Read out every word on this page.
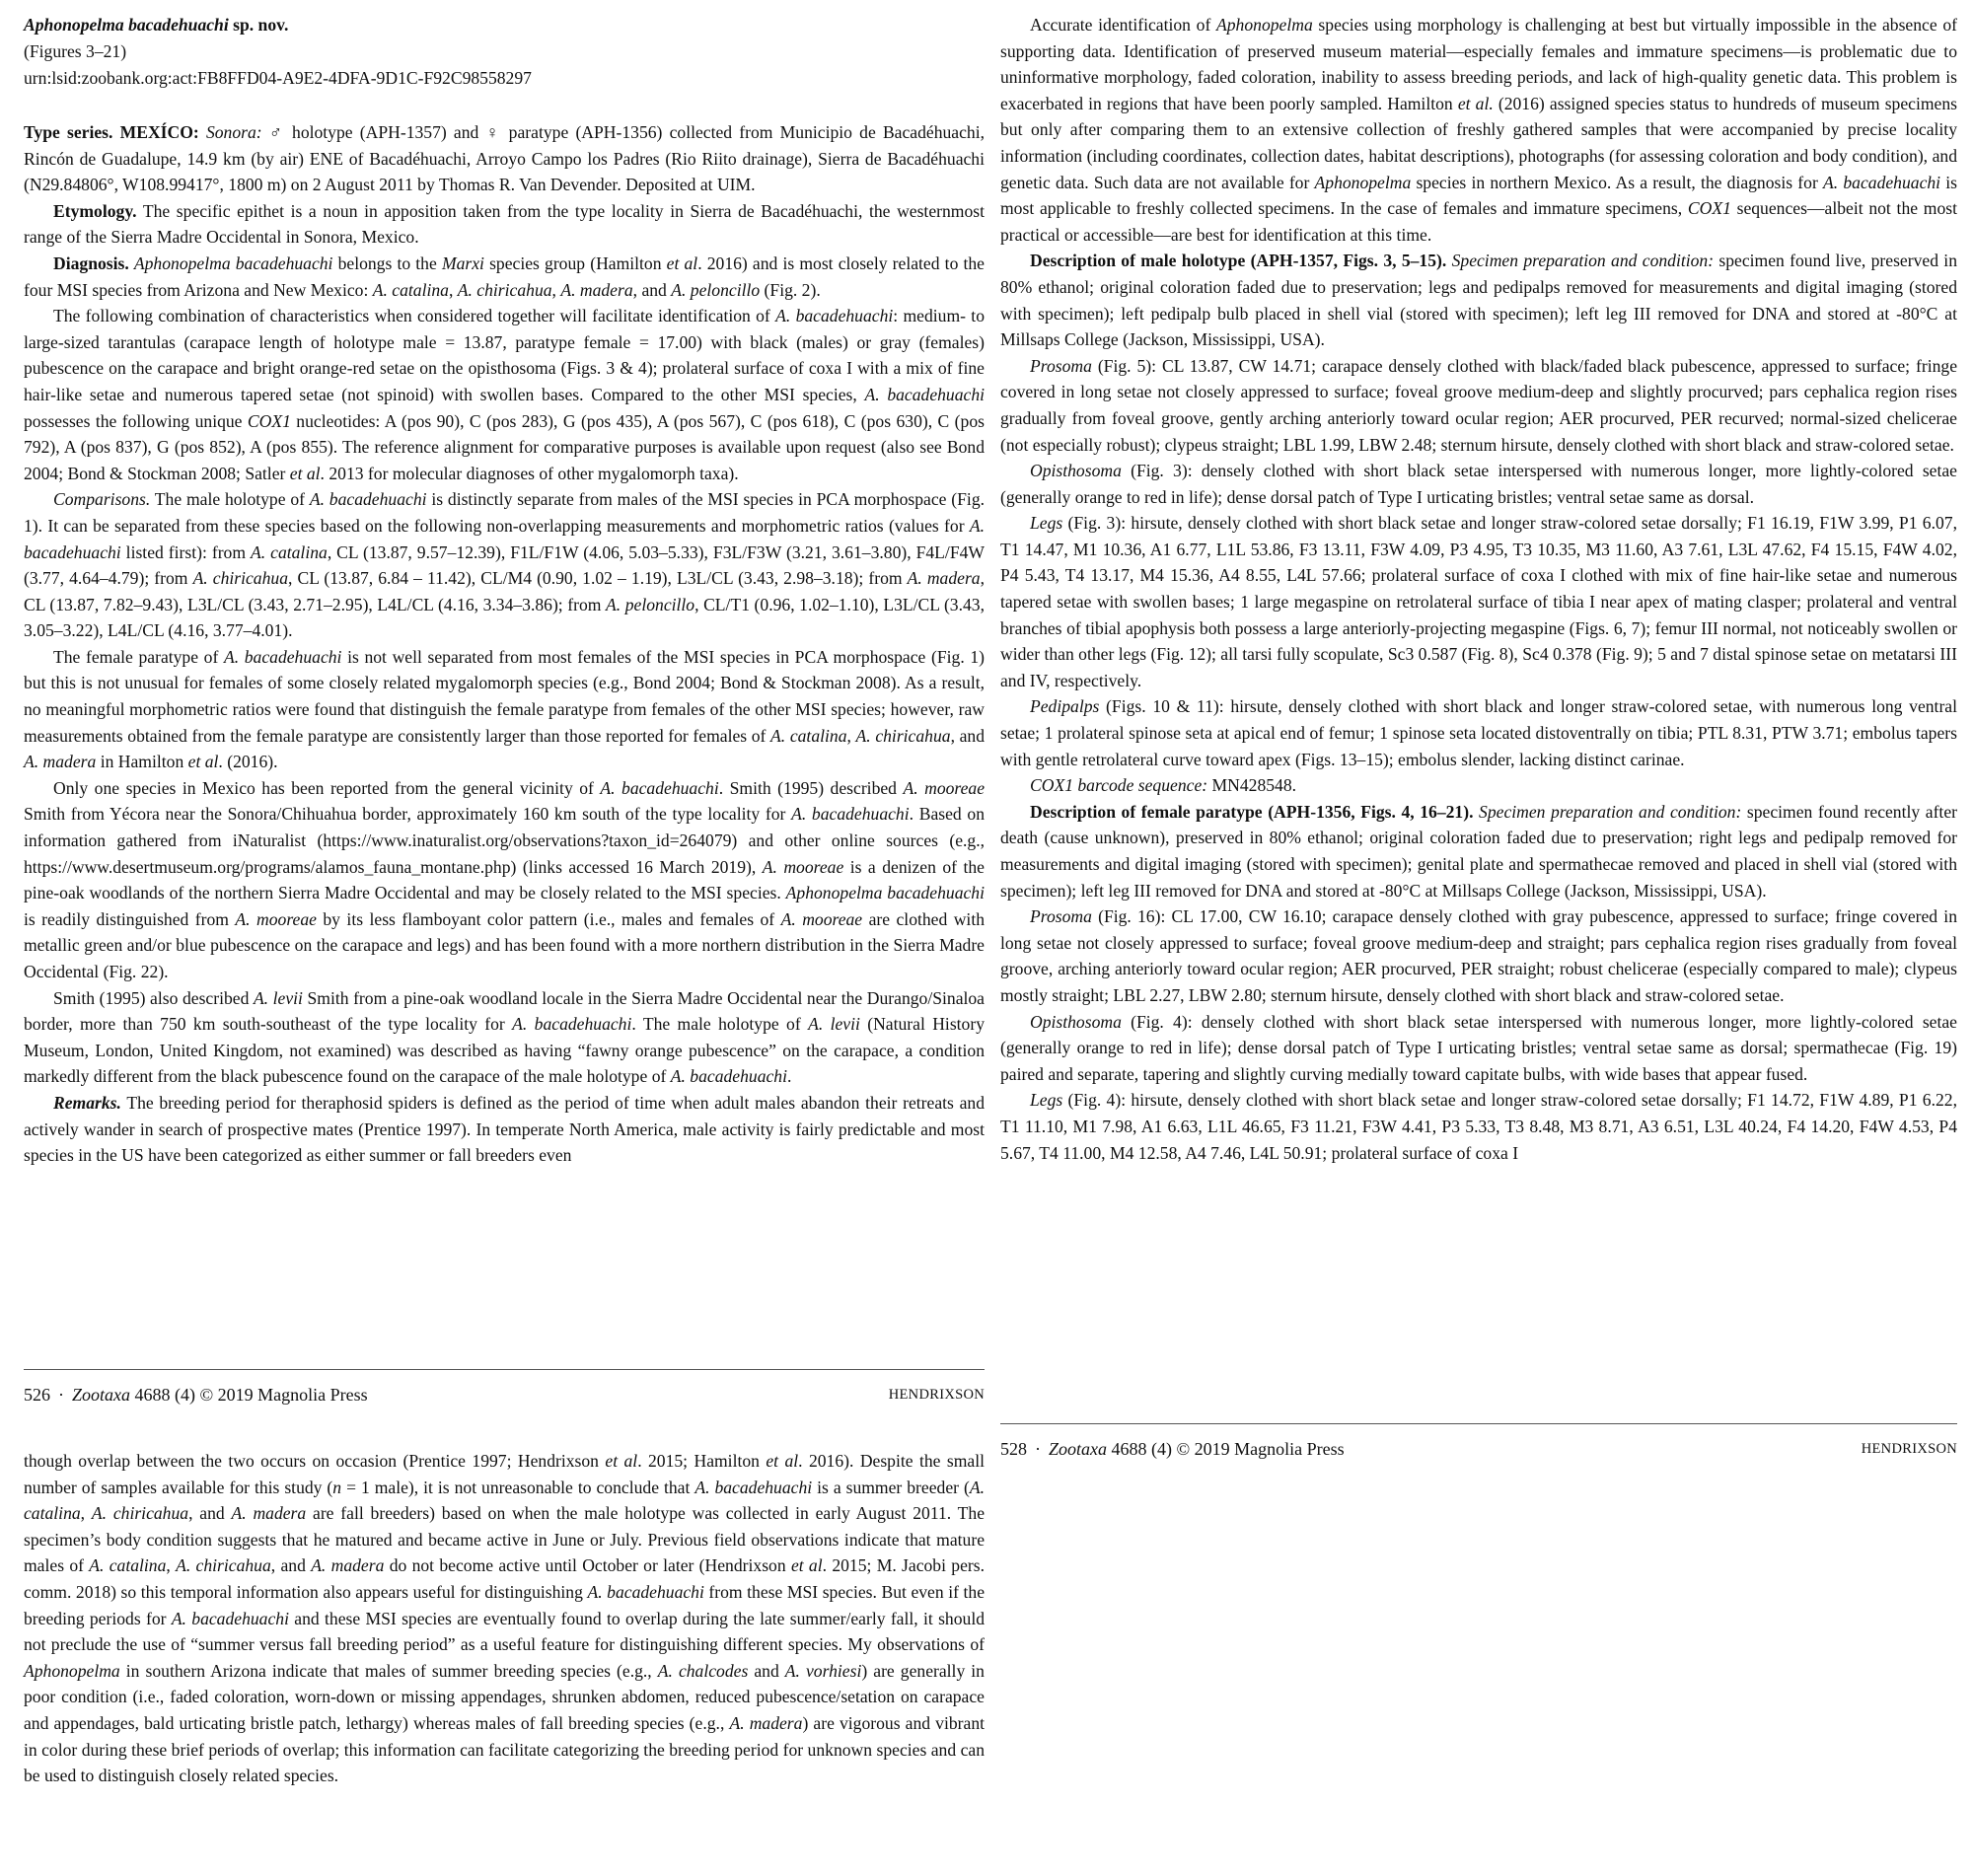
Aphonopelma bacadehuachi sp. nov.

(Figures 3–21)

urn:lsid:zoobank.org:act:FB8FFD04-A9E2-4DFA-9D1C-F92C98558297

Type series. MEXÍCO: Sonora: ♂ holotype (APH-1357) and ♀ paratype (APH-1356) collected from Municipio de Bacadéhuachi, Rincón de Guadalupe, 14.9 km (by air) ENE of Bacadéhuachi, Arroyo Campo los Padres (Rio Riito drainage), Sierra de Bacadéhuachi (N29.84806°, W108.99417°, 1800 m) on 2 August 2011 by Thomas R. Van Devender. Deposited at UIM.

Etymology. The specific epithet is a noun in apposition taken from the type locality in Sierra de Bacadéhuachi, the westernmost range of the Sierra Madre Occidental in Sonora, Mexico.

Diagnosis. Aphonopelma bacadehuachi belongs to the Marxi species group (Hamilton et al. 2016) and is most closely related to the four MSI species from Arizona and New Mexico: A. catalina, A. chiricahua, A. madera, and A. peloncillo (Fig. 2).

The following combination of characteristics when considered together will facilitate identification of A. bacadehuachi: medium- to large-sized tarantulas (carapace length of holotype male = 13.87, paratype female = 17.00) with black (males) or gray (females) pubescence on the carapace and bright orange-red setae on the opisthosoma (Figs. 3 & 4); prolateral surface of coxa I with a mix of fine hair-like setae and numerous tapered setae (not spinoid) with swollen bases. Compared to the other MSI species, A. bacadehuachi possesses the following unique COX1 nucleotides: A (pos 90), C (pos 283), G (pos 435), A (pos 567), C (pos 618), C (pos 630), C (pos 792), A (pos 837), G (pos 852), A (pos 855). The reference alignment for comparative purposes is available upon request (also see Bond 2004; Bond & Stockman 2008; Satler et al. 2013 for molecular diagnoses of other mygalomorph taxa).

Comparisons. The male holotype of A. bacadehuachi is distinctly separate from males of the MSI species in PCA morphospace (Fig. 1). It can be separated from these species based on the following non-overlapping measurements and morphometric ratios (values for A. bacadehuachi listed first): from A. catalina, CL (13.87, 9.57–12.39), F1L/F1W (4.06, 5.03–5.33), F3L/F3W (3.21, 3.61–3.80), F4L/F4W (3.77, 4.64–4.79); from A. chiricahua, CL (13.87, 6.84 – 11.42), CL/M4 (0.90, 1.02 – 1.19), L3L/CL (3.43, 2.98–3.18); from A. madera, CL (13.87, 7.82–9.43), L3L/CL (3.43, 2.71–2.95), L4L/CL (4.16, 3.34–3.86); from A. peloncillo, CL/T1 (0.96, 1.02–1.10), L3L/CL (3.43, 3.05–3.22), L4L/CL (4.16, 3.77–4.01).

The female paratype of A. bacadehuachi is not well separated from most females of the MSI species in PCA morphospace (Fig. 1) but this is not unusual for females of some closely related mygalomorph species (e.g., Bond 2004; Bond & Stockman 2008). As a result, no meaningful morphometric ratios were found that distinguish the female paratype from females of the other MSI species; however, raw measurements obtained from the female paratype are consistently larger than those reported for females of A. catalina, A. chiricahua, and A. madera in Hamilton et al. (2016).

Only one species in Mexico has been reported from the general vicinity of A. bacadehuachi. Smith (1995) described A. mooreae Smith from Yécora near the Sonora/Chihuahua border, approximately 160 km south of the type locality for A. bacadehuachi. Based on information gathered from iNaturalist (https://www.inaturalist.org/observations?taxon_id=264079) and other online sources (e.g., https://www.desertmuseum.org/programs/alamos_fauna_montane.php) (links accessed 16 March 2019), A. mooreae is a denizen of the pine-oak woodlands of the northern Sierra Madre Occidental and may be closely related to the MSI species. Aphonopelma bacadehuachi is readily distinguished from A. mooreae by its less flamboyant color pattern (i.e., males and females of A. mooreae are clothed with metallic green and/or blue pubescence on the carapace and legs) and has been found with a more northern distribution in the Sierra Madre Occidental (Fig. 22).

Smith (1995) also described A. levii Smith from a pine-oak woodland locale in the Sierra Madre Occidental near the Durango/Sinaloa border, more than 750 km south-southeast of the type locality for A. bacadehuachi. The male holotype of A. levii (Natural History Museum, London, United Kingdom, not examined) was described as having “fawny orange pubescence” on the carapace, a condition markedly different from the black pubescence found on the carapace of the male holotype of A. bacadehuachi.

Remarks. The breeding period for theraphosid spiders is defined as the period of time when adult males abandon their retreats and actively wander in search of prospective mates (Prentice 1997). In temperate North America, male activity is fairly predictable and most species in the US have been categorized as either summer or fall breeders even

526 · Zootaxa 4688 (4) © 2019 Magnolia Press	HENDRIXSON

though overlap between the two occurs on occasion (Prentice 1997; Hendrixson et al. 2015; Hamilton et al. 2016). Despite the small number of samples available for this study (n = 1 male), it is not unreasonable to conclude that A. bacadehuachi is a summer breeder (A. catalina, A. chiricahua, and A. madera are fall breeders) based on when the male holotype was collected in early August 2011. The specimen’s body condition suggests that he matured and became active in June or July. Previous field observations indicate that mature males of A. catalina, A. chiricahua, and A. madera do not become active until October or later (Hendrixson et al. 2015; M. Jacobi pers. comm. 2018) so this temporal information also appears useful for distinguishing A. bacadehuachi from these MSI species. But even if the breeding periods for A. bacadehuachi and these MSI species are eventually found to overlap during the late summer/early fall, it should not preclude the use of “summer versus fall breeding period” as a useful feature for distinguishing different species. My observations of Aphonopelma in southern Arizona indicate that males of summer breeding species (e.g., A. chalcodes and A. vorhiesi) are generally in poor condition (i.e., faded coloration, worn-down or missing appendages, shrunken abdomen, reduced pubescence/setation on carapace and appendages, bald urticating bristle patch, lethargy) whereas males of fall breeding species (e.g., A. madera) are vigorous and vibrant in color during these brief periods of overlap; this information can facilitate categorizing the breeding period for unknown species and can be used to distinguish closely related species.

Accurate identification of Aphonopelma species using morphology is challenging at best but virtually impossible in the absence of supporting data. Identification of preserved museum material—especially females and immature specimens—is problematic due to uninformative morphology, faded coloration, inability to assess breeding periods, and lack of high-quality genetic data. This problem is exacerbated in regions that have been poorly sampled. Hamilton et al. (2016) assigned species status to hundreds of museum specimens but only after comparing them to an extensive collection of freshly gathered samples that were accompanied by precise locality information (including coordinates, collection dates, habitat descriptions), photographs (for assessing coloration and body condition), and genetic data. Such data are not available for Aphonopelma species in northern Mexico. As a result, the diagnosis for A. bacadehuachi is most applicable to freshly collected specimens. In the case of females and immature specimens, COX1 sequences—albeit not the most practical or accessible—are best for identification at this time.

Description of male holotype (APH-1357, Figs. 3, 5–15). Specimen preparation and condition: specimen found live, preserved in 80% ethanol; original coloration faded due to preservation; legs and pedipalps removed for measurements and digital imaging (stored with specimen); left pedipalp bulb placed in shell vial (stored with specimen); left leg III removed for DNA and stored at -80°C at Millsaps College (Jackson, Mississippi, USA).

Prosoma (Fig. 5): CL 13.87, CW 14.71; carapace densely clothed with black/faded black pubescence, appressed to surface; fringe covered in long setae not closely appressed to surface; foveal groove medium-deep and slightly procurved; pars cephalica region rises gradually from foveal groove, gently arching anteriorly toward ocular region; AER procurved, PER recurved; normal-sized chelicerae (not especially robust); clypeus straight; LBL 1.99, LBW 2.48; sternum hirsute, densely clothed with short black and straw-colored setae.

Opisthosoma (Fig. 3): densely clothed with short black setae interspersed with numerous longer, more lightly-colored setae (generally orange to red in life); dense dorsal patch of Type I urticating bristles; ventral setae same as dorsal.

Legs (Fig. 3): hirsute, densely clothed with short black setae and longer straw-colored setae dorsally; F1 16.19, F1W 3.99, P1 6.07, T1 14.47, M1 10.36, A1 6.77, L1L 53.86, F3 13.11, F3W 4.09, P3 4.95, T3 10.35, M3 11.60, A3 7.61, L3L 47.62, F4 15.15, F4W 4.02, P4 5.43, T4 13.17, M4 15.36, A4 8.55, L4L 57.66; prolateral surface of coxa I clothed with mix of fine hair-like setae and numerous tapered setae with swollen bases; 1 large megaspine on retrolateral surface of tibia I near apex of mating clasper; prolateral and ventral branches of tibial apophysis both possess a large anteriorly-projecting megaspine (Figs. 6, 7); femur III normal, not noticeably swollen or wider than other legs (Fig. 12); all tarsi fully scopulate, Sc3 0.587 (Fig. 8), Sc4 0.378 (Fig. 9); 5 and 7 distal spinose setae on metatarsi III and IV, respectively.

Pedipalps (Figs. 10 & 11): hirsute, densely clothed with short black and longer straw-colored setae, with numerous long ventral setae; 1 prolateral spinose seta at apical end of femur; 1 spinose seta located distoventrally on tibia; PTL 8.31, PTW 3.71; embolus tapers with gentle retrolateral curve toward apex (Figs. 13–15); embolus slender, lacking distinct carinae.

COX1 barcode sequence: MN428548.

Description of female paratype (APH-1356, Figs. 4, 16–21). Specimen preparation and condition: specimen found recently after death (cause unknown), preserved in 80% ethanol; original coloration faded due to preservation; right legs and pedipalp removed for measurements and digital imaging (stored with specimen); genital plate and spermathecae removed and placed in shell vial (stored with specimen); left leg III removed for DNA and stored at -80°C at Millsaps College (Jackson, Mississippi, USA).

Prosoma (Fig. 16): CL 17.00, CW 16.10; carapace densely clothed with gray pubescence, appressed to surface; fringe covered in long setae not closely appressed to surface; foveal groove medium-deep and straight; pars cephalica region rises gradually from foveal groove, arching anteriorly toward ocular region; AER procurved, PER straight; robust chelicerae (especially compared to male); clypeus mostly straight; LBL 2.27, LBW 2.80; sternum hirsute, densely clothed with short black and straw-colored setae.

Opisthosoma (Fig. 4): densely clothed with short black setae interspersed with numerous longer, more lightly-colored setae (generally orange to red in life); dense dorsal patch of Type I urticating bristles; ventral setae same as dorsal; spermathecae (Fig. 19) paired and separate, tapering and slightly curving medially toward capitate bulbs, with wide bases that appear fused.

Legs (Fig. 4): hirsute, densely clothed with short black setae and longer straw-colored setae dorsally; F1 14.72, F1W 4.89, P1 6.22, T1 11.10, M1 7.98, A1 6.63, L1L 46.65, F3 11.21, F3W 4.41, P3 5.33, T3 8.48, M3 8.71, A3 6.51, L3L 40.24, F4 14.20, F4W 4.53, P4 5.67, T4 11.00, M4 12.58, A4 7.46, L4L 50.91; prolateral surface of coxa I

528 · Zootaxa 4688 (4) © 2019 Magnolia Press	HENDRIXSON
